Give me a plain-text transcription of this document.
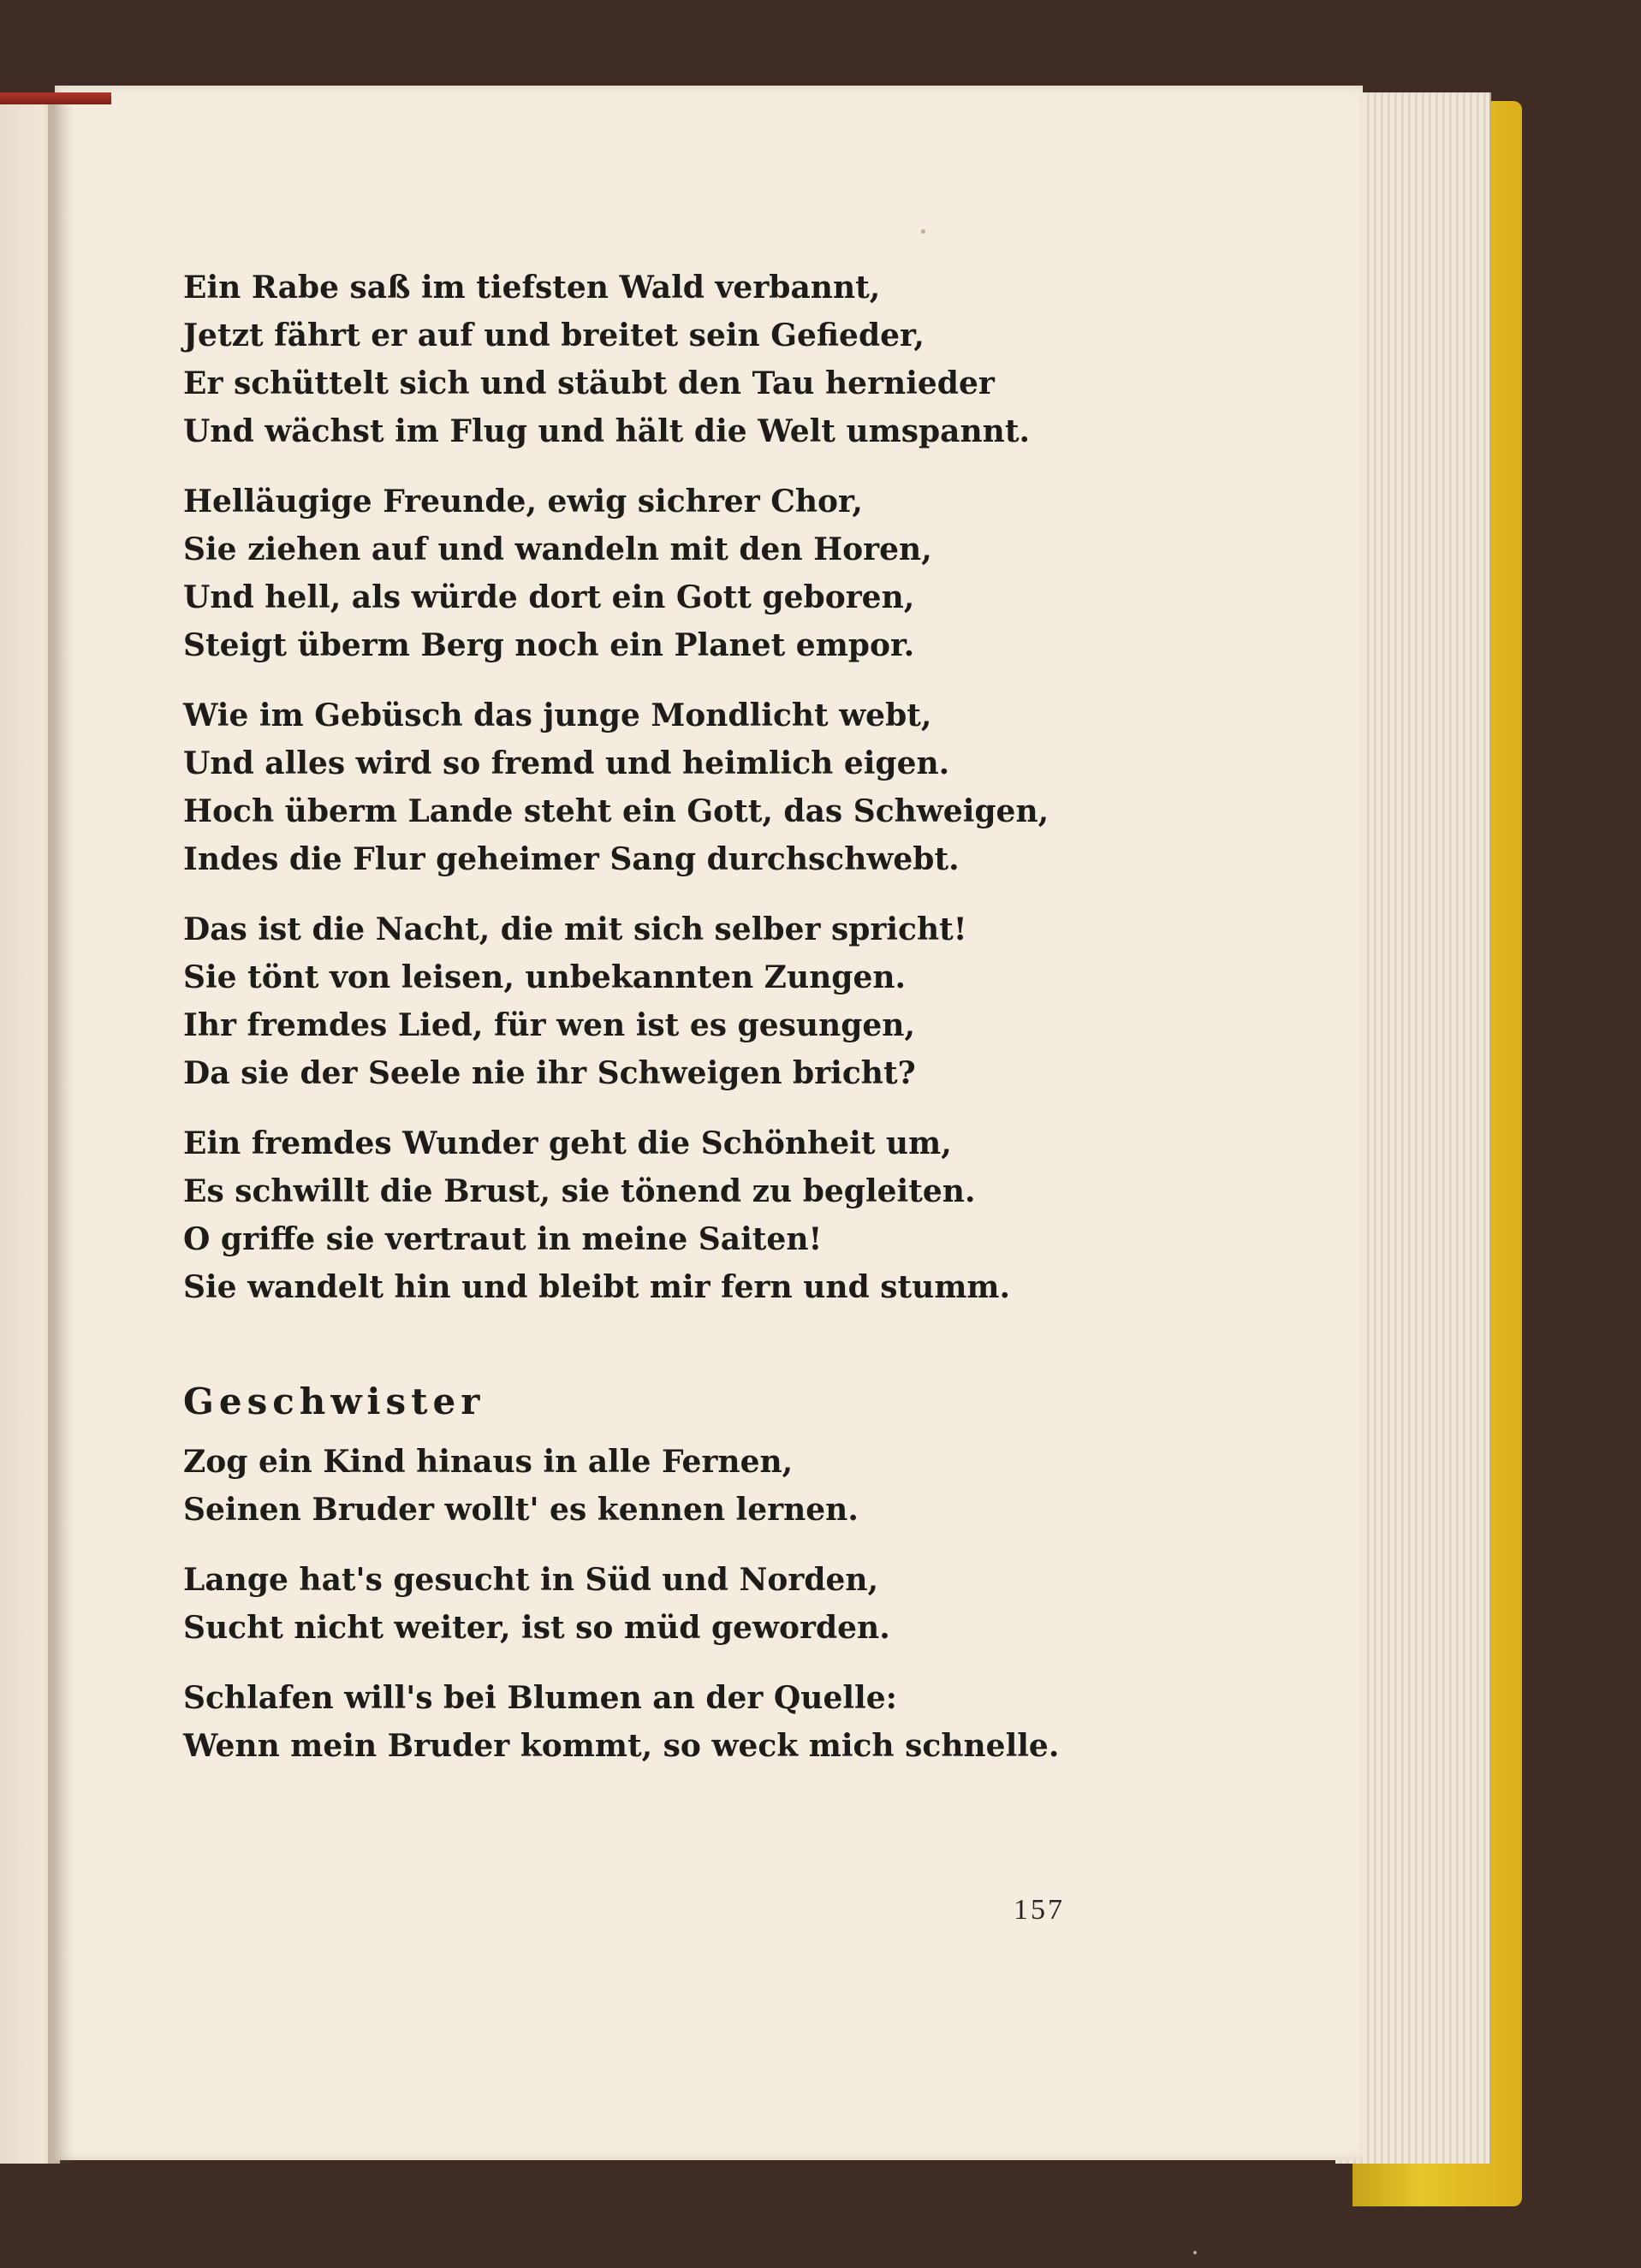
Ein Rabe saß im tiefsten Wald verbannt,
Jetzt fährt er auf und breitet sein Gefieder,
Er schüttelt sich und stäubt den Tau hernieder
Und wächst im Flug und hält die Welt umspannt.
Helläugige Freunde, ewig sichrer Chor,
Sie ziehen auf und wandeln mit den Horen,
Und hell, als würde dort ein Gott geboren,
Steigt überm Berg noch ein Planet empor.
Wie im Gebüsch das junge Mondlicht webt,
Und alles wird so fremd und heimlich eigen.
Hoch überm Lande steht ein Gott, das Schweigen,
Indes die Flur geheimer Sang durchschwebt.
Das ist die Nacht, die mit sich selber spricht!
Sie tönt von leisen, unbekannten Zungen.
Ihr fremdes Lied, für wen ist es gesungen,
Da sie der Seele nie ihr Schweigen bricht?
Ein fremdes Wunder geht die Schönheit um,
Es schwillt die Brust, sie tönend zu begleiten.
O griffe sie vertraut in meine Saiten!
Sie wandelt hin und bleibt mir fern und stumm.
Geschwister
Zog ein Kind hinaus in alle Fernen,
Seinen Bruder wollt' es kennen lernen.
Lange hat's gesucht in Süd und Norden,
Sucht nicht weiter, ist so müd geworden.
Schlafen will's bei Blumen an der Quelle:
Wenn mein Bruder kommt, so weck mich schnelle.
157
